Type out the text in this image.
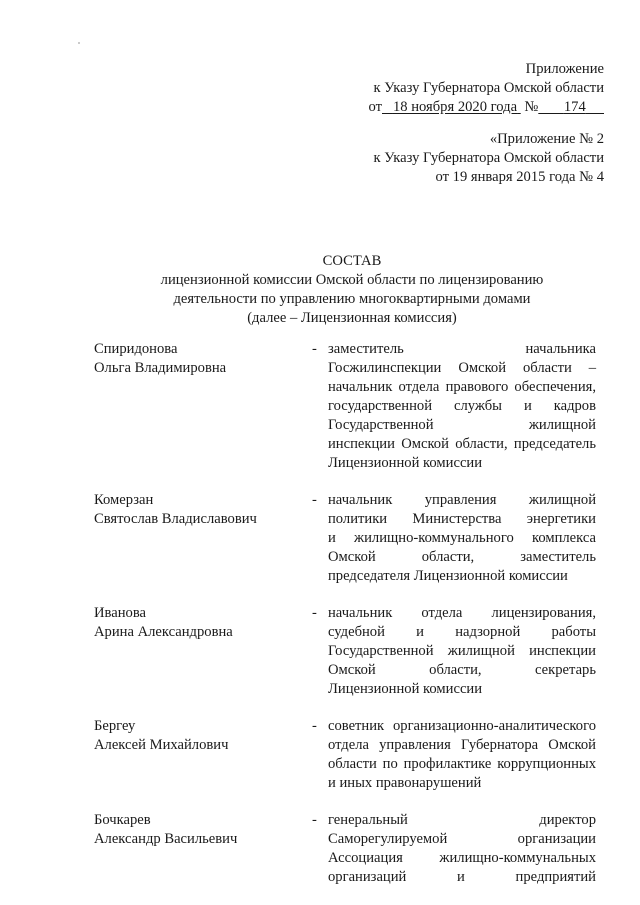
Приложение
к Указу Губернатора Омской области
от 18 ноября 2020 года № 174
«Приложение № 2
к Указу Губернатора Омской области
от 19 января 2015 года № 4
СОСТАВ
лицензионной комиссии Омской области по лицензированию
деятельности по управлению многоквартирными домами
(далее – Лицензионная комиссия)
Спиридонова
Ольга Владимировна
- заместитель начальника
Госжилинспекции Омской области –
начальник отдела правового обеспечения,
государственной службы и кадров
Государственной жилищной
инспекции Омской области, председатель
Лицензионной комиссии
Комерзан
Святослав Владиславович
- начальник управления жилищной
политики Министерства энергетики
и жилищно-коммунального комплекса
Омской области, заместитель
председателя Лицензионной комиссии
Иванова
Арина Александровна
- начальник отдела лицензирования,
судебной и надзорной работы
Государственной жилищной инспекции
Омской области, секретарь
Лицензионной комиссии
Бергеу
Алексей Михайлович
- советник организационно-аналитического
отдела управления Губернатора Омской
области по профилактике коррупционных
и иных правонарушений
Бочкарев
Александр Васильевич
- генеральный директор
Саморегулируемой организации
Ассоциация жилищно-коммунальных
организаций и предприятий
